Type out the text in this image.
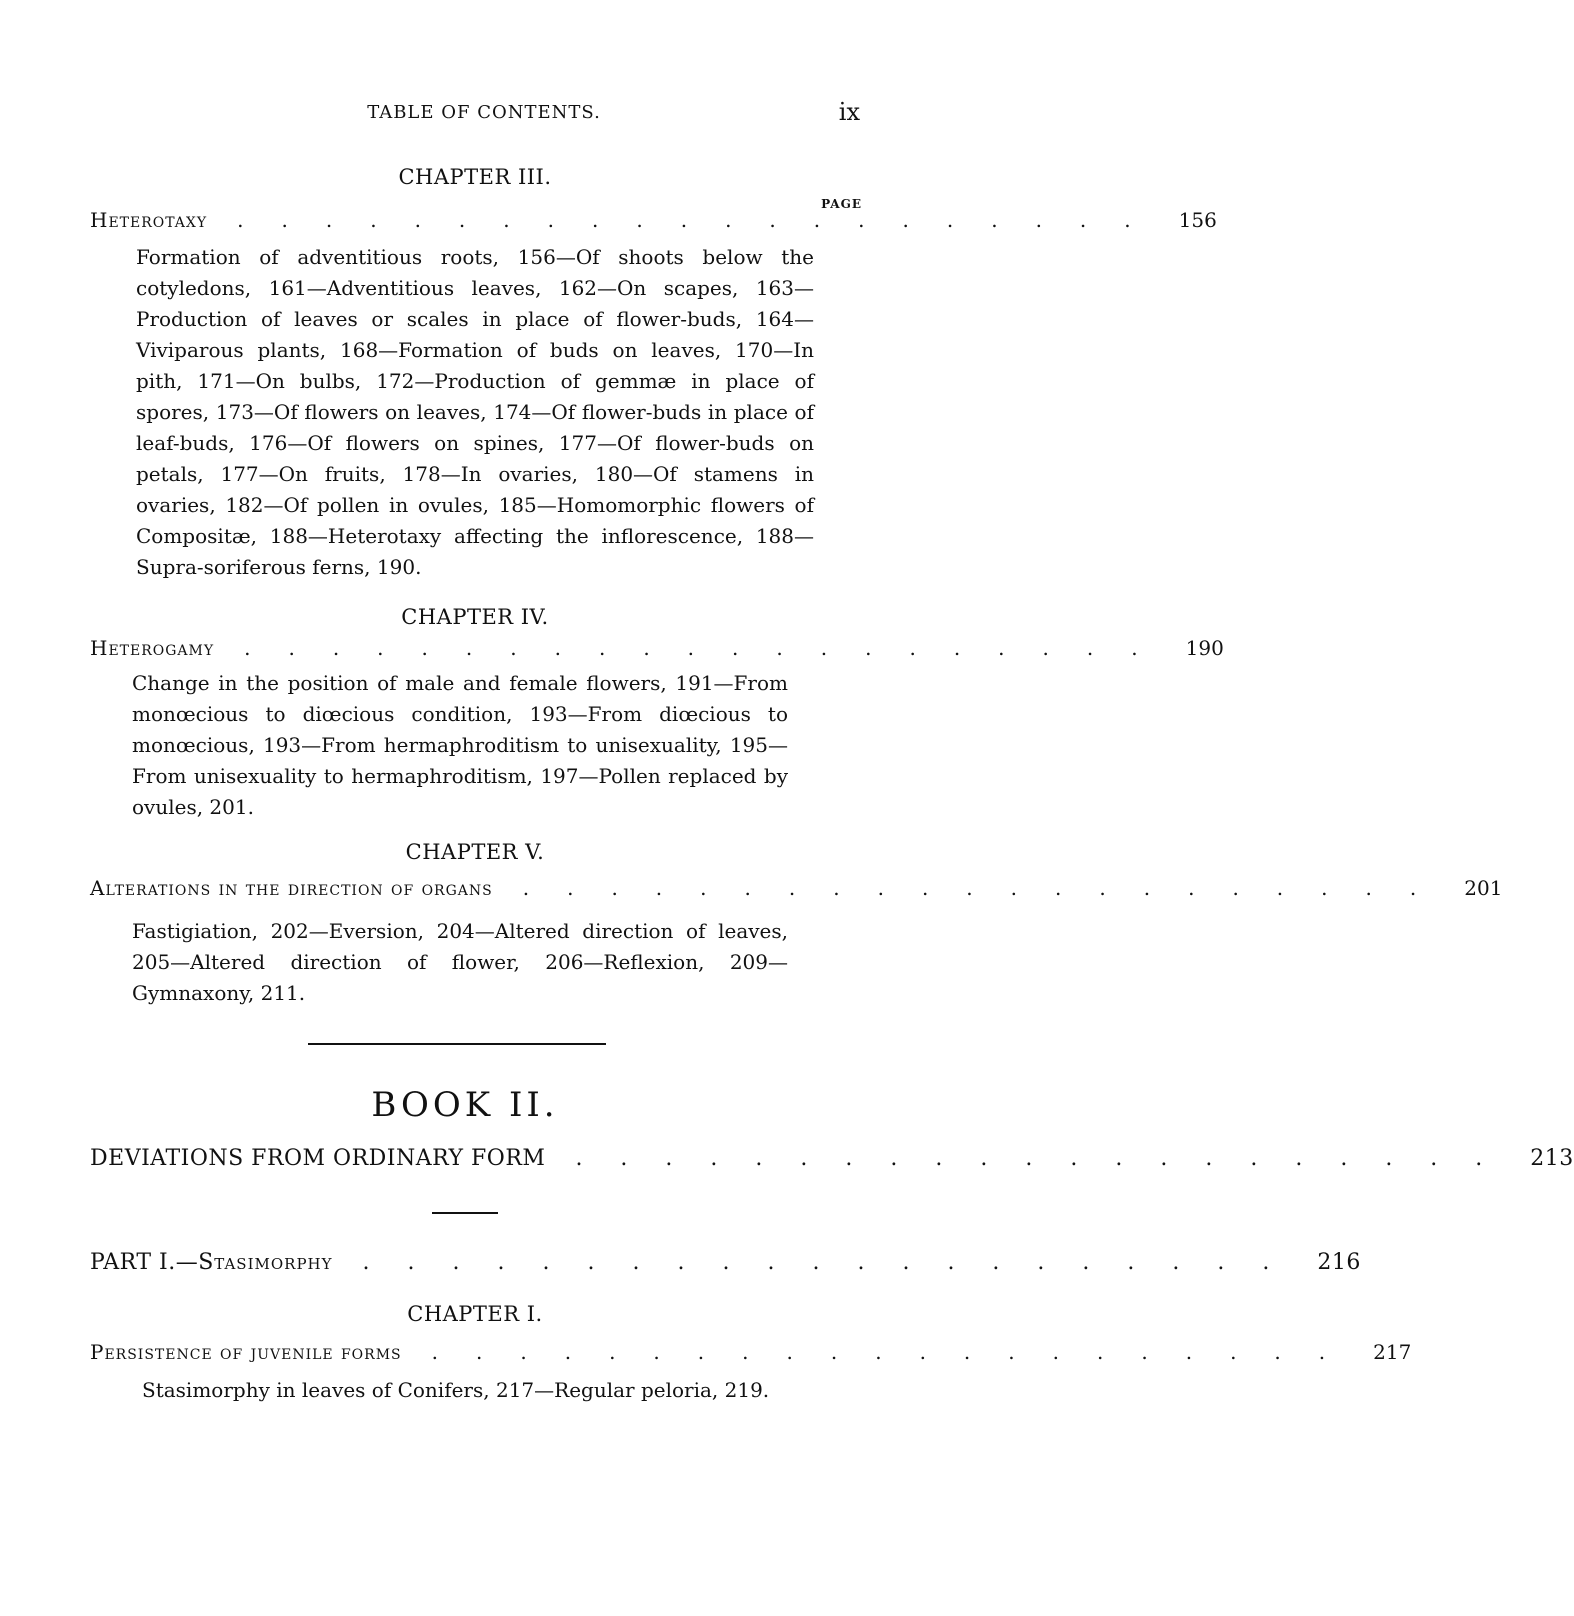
TABLE OF CONTENTS.	ix
CHAPTER III.
PAGE
Heterotaxy	..................... 156

Formation of adventitious roots, 156—Of shoots below the cotyledons, 161—Adventitious leaves, 162—On scapes, 163—Production of leaves or scales in place of flower-buds, 164—Viviparous plants, 168—Formation of buds on leaves, 170—In pith, 171—On bulbs, 172—Production of gemmæ in place of spores, 173—Of flowers on leaves, 174—Of flower-buds in place of leaf-buds, 176—Of flowers on spines, 177—Of flower-buds on petals, 177—On fruits, 178—In ovaries, 180—Of stamens in ovaries, 182—Of pollen in ovules, 185—Homomorphic flowers of Compositæ, 188—Heterotaxy affecting the inflorescence, 188—Supra-soriferous ferns, 190.

CHAPTER IV.
Heterogamy	..................... 190

Change in the position of male and female flowers, 191—From monœcious to diœcious condition, 193—From diœcious to monœcious, 193—From hermaphroditism to unisexuality, 195—From unisexuality to hermaphroditism, 197—Pollen replaced by ovules, 201.

CHAPTER V.
Alterations in the direction of organs	..................... 201

Fastigiation, 202—Eversion, 204—Altered direction of leaves, 205—Altered direction of flower, 206—Reflexion, 209—Gymnaxony, 211.

BOOK II.
DEVIATIONS FROM ORDINARY FORM	..................... 213
PART I.— Stasimorphy	..................... 216
CHAPTER I.
Persistence of juvenile forms	..................... 217

Stasimorphy in leaves of Conifers, 217—Regular peloria, 219.
